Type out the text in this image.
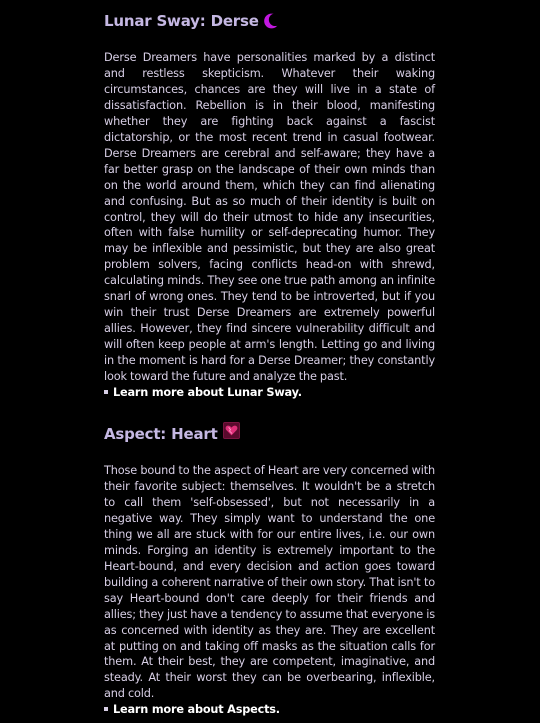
Lunar Sway: Derse

Derse Dreamers have personalities marked by a distinct and restless skepticism. Whatever their waking circumstances, chances are they will live in a state of dissatisfaction. Rebellion is in their blood, manifesting whether they are fighting back against a fascist dictatorship, or the most recent trend in casual footwear. Derse Dreamers are cerebral and self-aware; they have a far better grasp on the landscape of their own minds than on the world around them, which they can find alienating and confusing. But as so much of their identity is built on control, they will do their utmost to hide any insecurities, often with false humility or self-deprecating humor. They may be inflexible and pessimistic, but they are also great problem solvers, facing conflicts head-on with shrewd, calculating minds. They see one true path among an infinite snarl of wrong ones. They tend to be introverted, but if you win their trust Derse Dreamers are extremely powerful allies. However, they find sincere vulnerability difficult and will often keep people at arm's length. Letting go and living in the moment is hard for a Derse Dreamer; they constantly look toward the future and analyze the past.

Learn more about Lunar Sway.

Aspect: Heart

Those bound to the aspect of Heart are very concerned with their favorite subject: themselves. It wouldn't be a stretch to call them 'self-obsessed', but not necessarily in a negative way. They simply want to understand the one thing we all are stuck with for our entire lives, i.e. our own minds. Forging an identity is extremely important to the Heart-bound, and every decision and action goes toward building a coherent narrative of their own story. That isn't to say Heart-bound don't care deeply for their friends and allies; they just have a tendency to assume that everyone is as concerned with identity as they are. They are excellent at putting on and taking off masks as the situation calls for them. At their best, they are competent, imaginative, and steady. At their worst they can be overbearing, inflexible, and cold.

Learn more about Aspects.
